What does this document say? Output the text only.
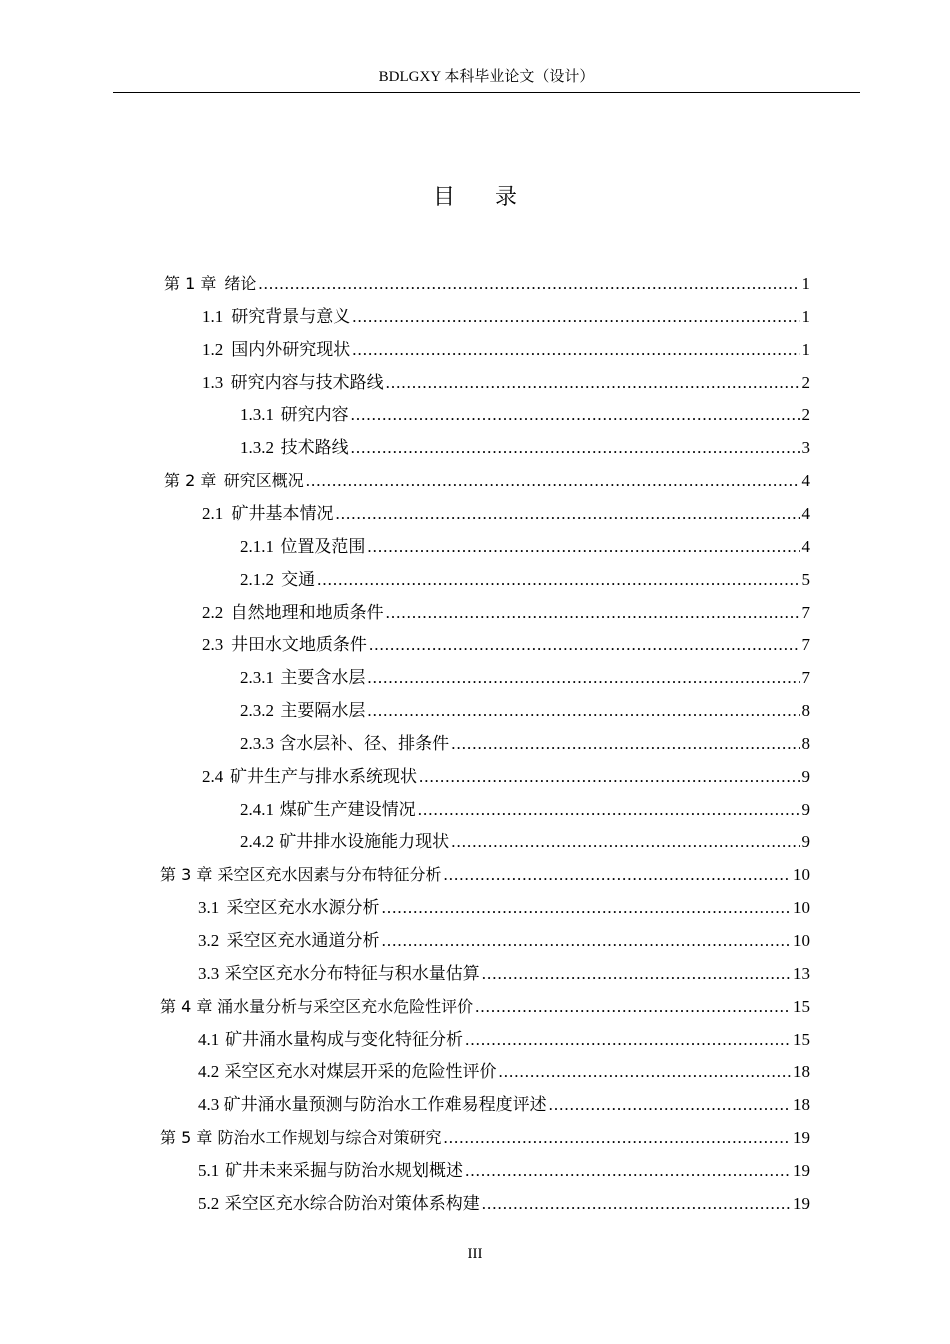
BDLGXY 本科毕业论文（设计）
目录
第 1 章 绪论 .....	1
1.1 研究背景与意义 .....	1
1.2 国内外研究现状 .....	1
1.3 研究内容与技术路线 .....	2
1.3.1 研究内容 .....	2
1.3.2 技术路线 .....	3
第 2 章 研究区概况 .....	4
2.1 矿井基本情况 .....	4
2.1.1 位置及范围 .....	4
2.1.2 交通 .....	5
2.2 自然地理和地质条件 .....	7
2.3 井田水文地质条件 .....	7
2.3.1 主要含水层 .....	7
2.3.2 主要隔水层 .....	8
2.3.3 含水层补、径、排条件 .....	8
2.4 矿井生产与排水系统现状 .....	9
2.4.1 煤矿生产建设情况 .....	9
2.4.2 矿井排水设施能力现状 .....	9
第 3 章 采空区充水因素与分布特征分析 .....	10
3.1 采空区充水水源分析 .....	10
3.2 采空区充水通道分析 .....	10
3.3 采空区充水分布特征与积水量估算 .....	13
第 4 章 涌水量分析与采空区充水危险性评价 .....	15
4.1 矿井涌水量构成与变化特征分析 .....	15
4.2 采空区充水对煤层开采的危险性评价 .....	18
4.3 矿井涌水量预测与防治水工作难易程度评述 .....	18
第 5 章 防治水工作规划与综合对策研究 .....	19
5.1 矿井未来采掘与防治水规划概述 .....	19
5.2 采空区充水综合防治对策体系构建 .....	19
III
